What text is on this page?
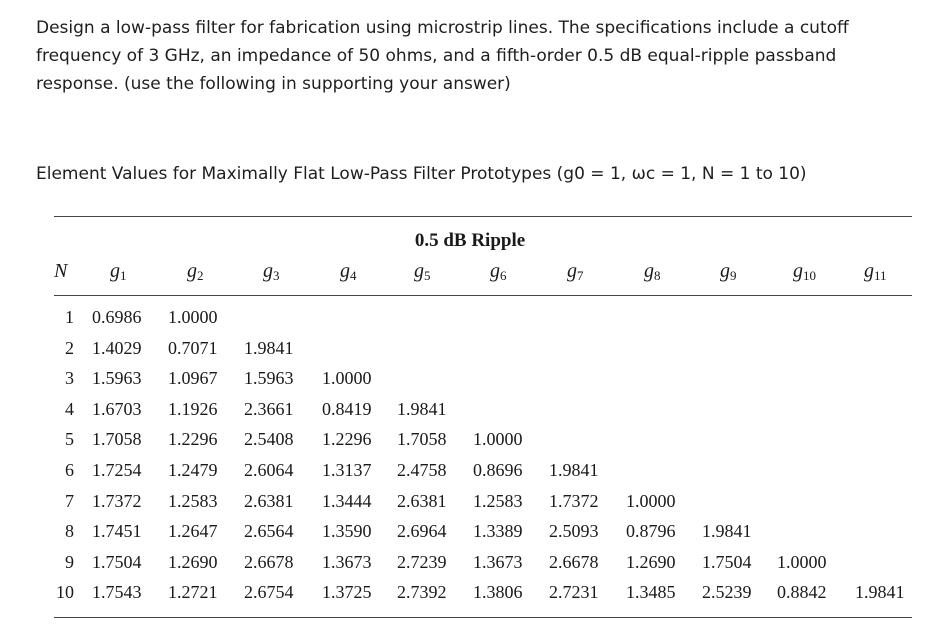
Design a low-pass filter for fabrication using microstrip lines. The specifications include a cutoff frequency of 3 GHz, an impedance of 50 ohms, and a fifth-order 0.5 dB equal-ripple passband response. (use the following in supporting your answer)

Element Values for Maximally Flat Low-Pass Filter Prototypes (g0 = 1, ωc = 1, N = 1 to 10)

0.5 dB Ripple
N $g_1$	$g_2$	$g_3$	$g_4$	$g_5$	$g_6$	$g_7$	$g_8$	$g_9$	$g_{10}$ $g_{11}$
1 0.6986 1.0000
2 1.4029 0.7071 1.9841
3 1.5963 1.0967 1.5963 1.0000
4 1.6703 1.1926 2.3661 0.8419 1.9841
5 1.7058 1.2296 2.5408 1.2296 1.7058 1.0000
6 1.7254 1.2479 2.6064 1.3137 2.4758 0.8696 1.9841
7 1.7372 1.2583 2.6381 1.3444 2.6381 1.2583 1.7372 1.0000
8 1.7451 1.2647 2.6564 1.3590 2.6964 1.3389 2.5093 0.8796 1.9841
9 1.7504 1.2690 2.6678 1.3673 2.7239 1.3673 2.6678 1.2690 1.7504 1.0000
10 1.7543 1.2721 2.6754 1.3725 2.7392 1.3806 2.7231 1.3485 2.5239 0.8842 1.9841
